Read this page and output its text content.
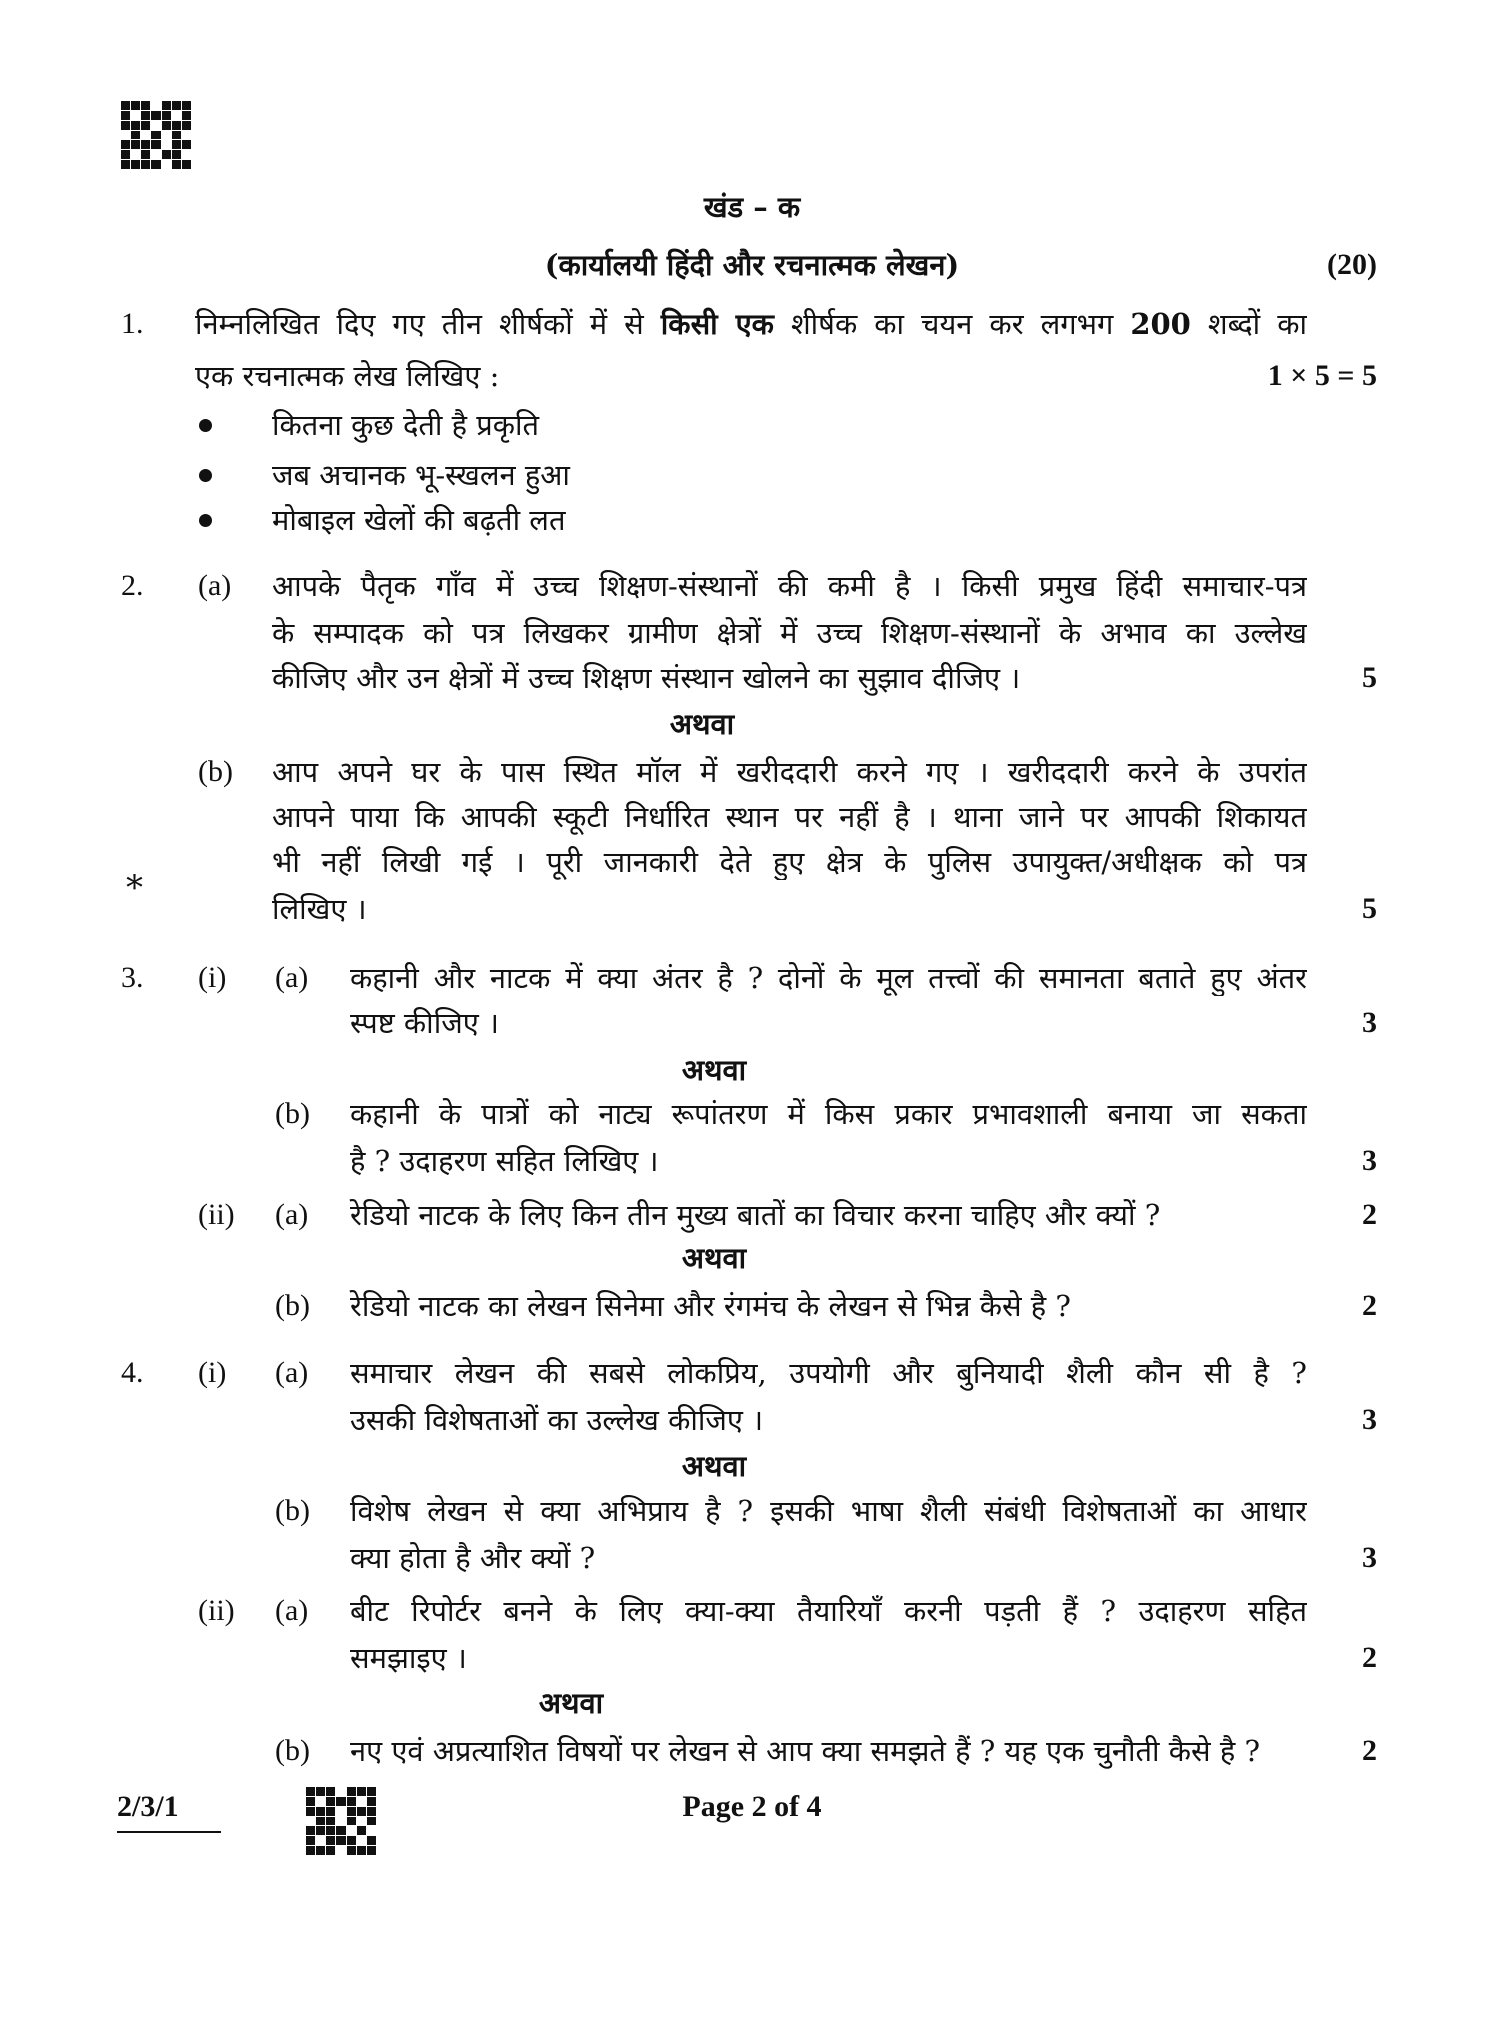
खंड – क
(कार्यालयी हिंदी और रचनात्मक लेखन)	(20)
1. निम्नलिखित दिए गए तीन शीर्षकों में से किसी एक शीर्षक का चयन कर लगभग 200 शब्दों का
एक रचनात्मक लेख लिखिए :	1 × 5 = 5
कितना कुछ देती है प्रकृति
जब अचानक भू-स्खलन हुआ
मोबाइल खेलों की बढ़ती लत
2. (a) आपके पैतृक गाँव में उच्च शिक्षण-संस्थानों की कमी है । किसी प्रमुख हिंदी समाचार-पत्र
के सम्पादक को पत्र लिखकर ग्रामीण क्षेत्रों में उच्च शिक्षण-संस्थानों के अभाव का उल्लेख
कीजिए और उन क्षेत्रों में उच्च शिक्षण संस्थान खोलने का सुझाव दीजिए ।	5
अथवा
(b) आप अपने घर के पास स्थित मॉल में खरीददारी करने गए । खरीददारी करने के उपरांत
आपने पाया कि आपकी स्कूटी निर्धारित स्थान पर नहीं है । थाना जाने पर आपकी शिकायत
भी नहीं लिखी गई । पूरी जानकारी देते हुए क्षेत्र के पुलिस उपायुक्त/अधीक्षक को पत्र
*
लिखिए ।	5
3. (i) (a) कहानी और नाटक में क्या अंतर है ? दोनों के मूल तत्त्वों की समानता बताते हुए अंतर
स्पष्ट कीजिए ।	3
अथवा
(b) कहानी के पात्रों को नाट्य रूपांतरण में किस प्रकार प्रभावशाली बनाया जा सकता
है ? उदाहरण सहित लिखिए ।	3
(ii) (a) रेडियो नाटक के लिए किन तीन मुख्य बातों का विचार करना चाहिए और क्यों ?	2
अथवा
(b) रेडियो नाटक का लेखन सिनेमा और रंगमंच के लेखन से भिन्न कैसे है ?	2
4. (i) (a) समाचार लेखन की सबसे लोकप्रिय, उपयोगी और बुनियादी शैली कौन सी है ?
उसकी विशेषताओं का उल्लेख कीजिए ।	3
अथवा
(b) विशेष लेखन से क्या अभिप्राय है ? इसकी भाषा शैली संबंधी विशेषताओं का आधार
क्या होता है और क्यों ?	3
(ii) (a) बीट रिपोर्टर बनने के लिए क्या-क्या तैयारियाँ करनी पड़ती हैं ? उदाहरण सहित
समझाइए ।	2
अथवा
(b) नए एवं अप्रत्याशित विषयों पर लेखन से आप क्या समझते हैं ? यह एक चुनौती कैसे है ?	2
2/3/1	Page 2 of 4
